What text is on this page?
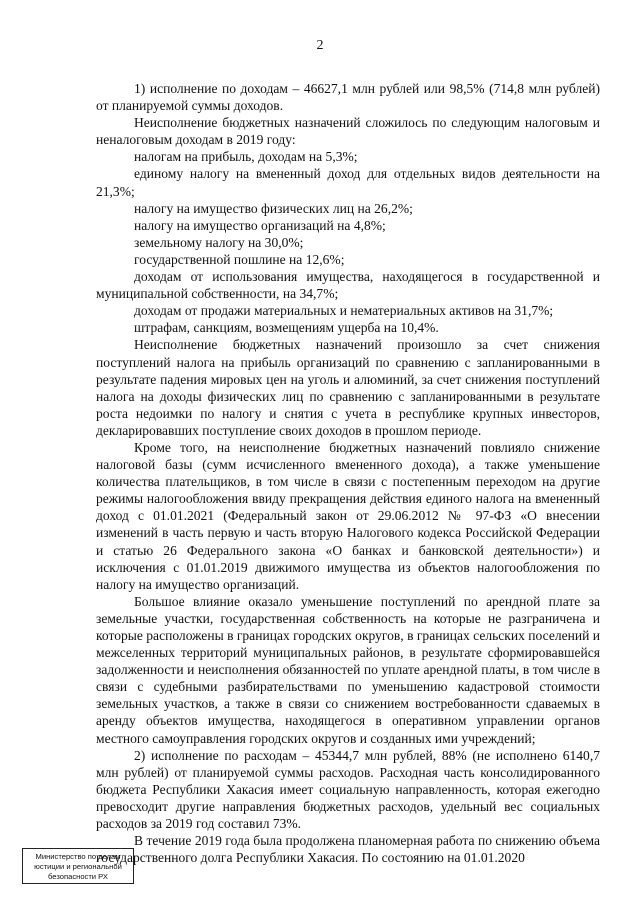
2

1) исполнение по доходам – 46627,1 млн рублей или 98,5% (714,8 млн рублей) от планируемой суммы доходов.

Неисполнение бюджетных назначений сложилось по следующим налоговым и неналоговым доходам в 2019 году:

налогам на прибыль, доходам на 5,3%;

единому налогу на вмененный доход для отдельных видов деятельности на 21,3%;

налогу на имущество физических лиц на 26,2%;

налогу на имущество организаций на 4,8%;

земельному налогу на 30,0%;

государственной пошлине на 12,6%;

доходам от использования имущества, находящегося в государственной и муниципальной собственности, на 34,7%;

доходам от продажи материальных и нематериальных активов на 31,7%;

штрафам, санкциям, возмещениям ущерба на 10,4%.

Неисполнение бюджетных назначений произошло за счет снижения поступлений налога на прибыль организаций по сравнению с запланированными в результате падения мировых цен на уголь и алюминий, за счет снижения поступлений налога на доходы физических лиц по сравнению с запланированными в результате роста недоимки по налогу и снятия с учета в республике крупных инвесторов, декларировавших поступление своих доходов в прошлом периоде.

Кроме того, на неисполнение бюджетных назначений повлияло снижение налоговой базы (сумм исчисленного вмененного дохода), а также уменьшение количества плательщиков, в том числе в связи с постепенным переходом на другие режимы налогообложения ввиду прекращения действия единого налога на вмененный доход с 01.01.2021 (Федеральный закон от 29.06.2012 № 97-ФЗ «О внесении изменений в часть первую и часть вторую Налогового кодекса Российской Федерации и статью 26 Федерального закона «О банках и банковской деятельности») и исключения с 01.01.2019 движимого имущества из объектов налогообложения по налогу на имущество организаций.

Большое влияние оказало уменьшение поступлений по арендной плате за земельные участки, государственная собственность на которые не разграничена и которые расположены в границах городских округов, в границах сельских поселений и межселенных территорий муниципальных районов, в результате сформировавшейся задолженности и неисполнения обязанностей по уплате арендной платы, в том числе в связи с судебными разбирательствами по уменьшению кадастровой стоимости земельных участков, а также в связи со снижением востребованности сдаваемых в аренду объектов имущества, находящегося в оперативном управлении органов местного самоуправления городских округов и созданных ими учреждений;

2) исполнение по расходам – 45344,7 млн рублей, 88% (не исполнено 6140,7 млн рублей) от планируемой суммы расходов. Расходная часть консолидированного бюджета Республики Хакасия имеет социальную направленность, которая ежегодно превосходит другие направления бюджетных расходов, удельный вес социальных расходов за 2019 год составил 73%.

В течение 2019 года была продолжена планомерная работа по снижению объема государственного долга Республики Хакасия. По состоянию на 01.01.2020

Министерство по делам
юстиции и региональной
безопасности РХ
